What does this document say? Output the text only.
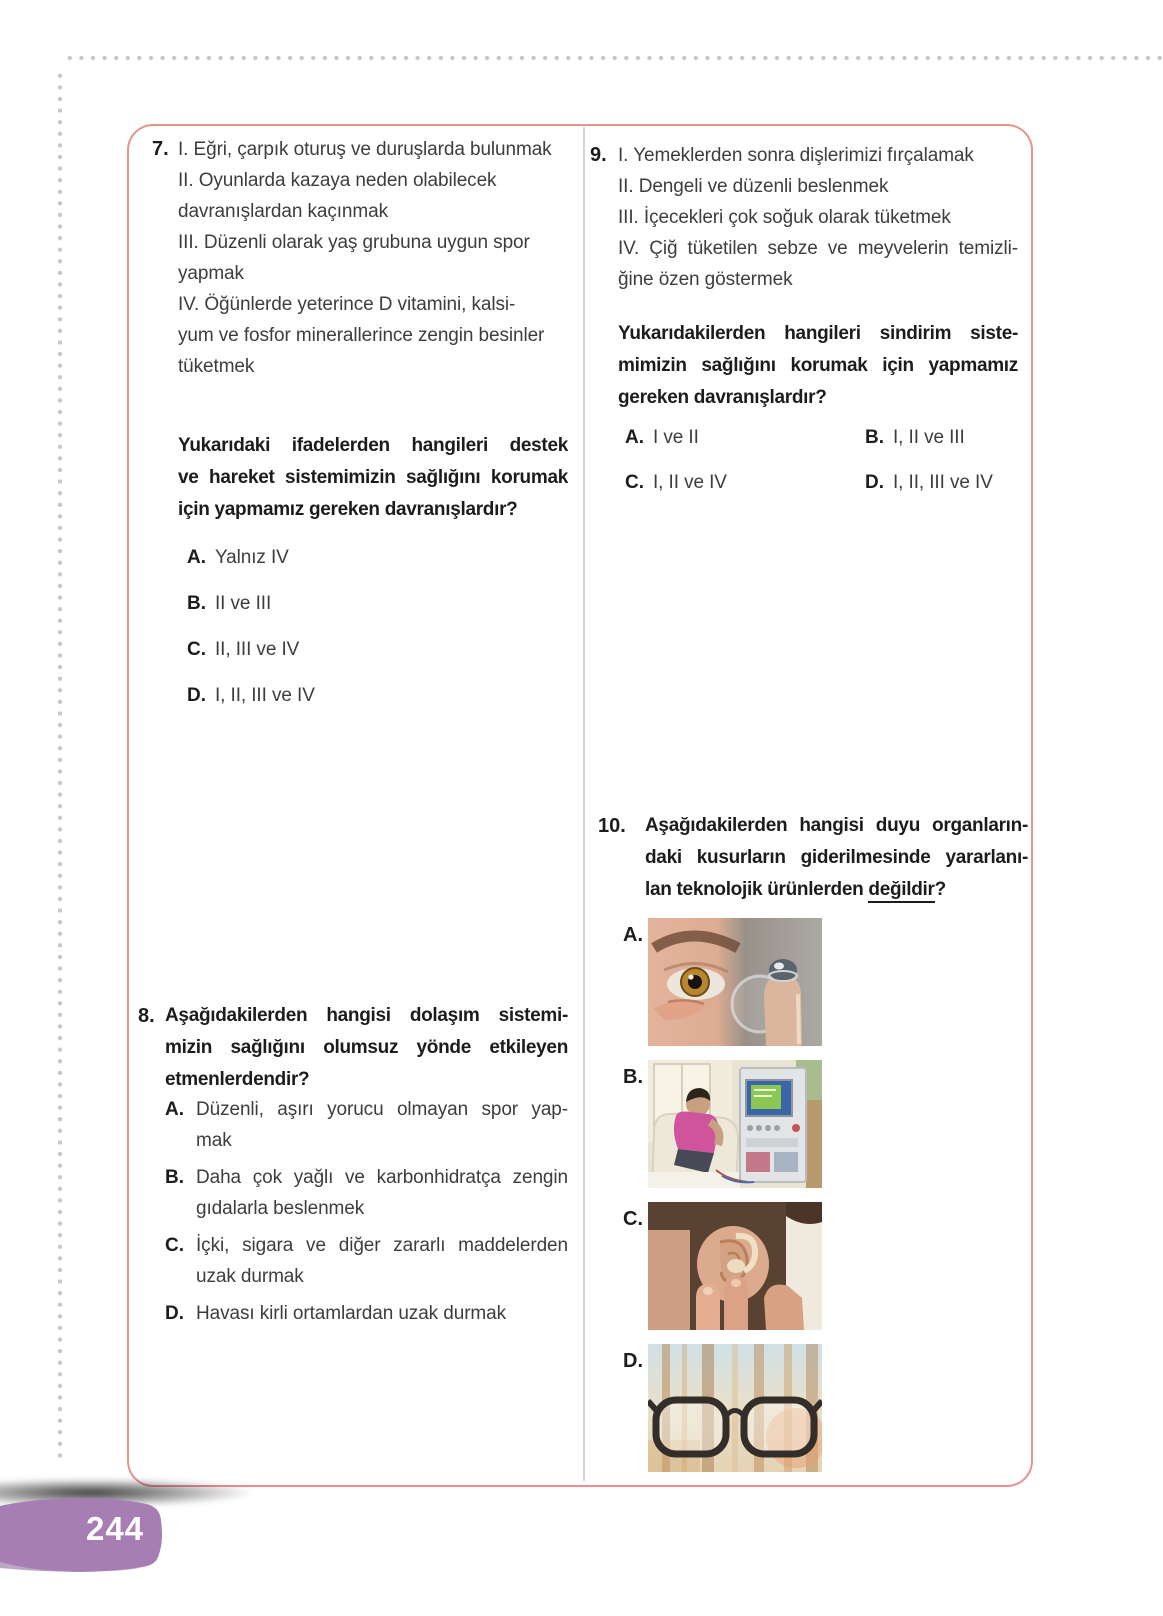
7. I. Eğri, çarpık oturuş ve duruşlarda bulunmak
II. Oyunlarda kazaya neden olabilecek
davranışlardan kaçınmak
III. Düzenli olarak yaş grubuna uygun spor
yapmak
IV. Öğünlerde yeterince D vitamini, kalsi-
yum ve fosfor minerallerince zengin besinler
tüketmek
Yukarıdaki ifadelerden hangileri destek
ve hareket sistemimizin sağlığını korumak
için yapmamız gereken davranışlardır?
A. Yalnız IV
B. II ve III
C. II, III ve IV
D. I, II, III ve IV
8. Aşağıdakilerden hangisi dolaşım sistemi-
mizin sağlığını olumsuz yönde etkileyen
etmenlerdendir?
A. Düzenli, aşırı yorucu olmayan spor yap-
mak
B. Daha çok yağlı ve karbonhidratça zengin
gıdalarla beslenmek
C. İçki, sigara ve diğer zararlı maddelerden
uzak durmak
D. Havası kirli ortamlardan uzak durmak
9. I. Yemeklerden sonra dişlerimizi fırçalamak
II. Dengeli ve düzenli beslenmek
III. İçecekleri çok soğuk olarak tüketmek
IV. Çiğ tüketilen sebze ve meyvelerin temizli-
ğine özen göstermek
Yukarıdakilerden hangileri sindirim siste-
mimizin sağlığını korumak için yapmamız
gereken davranışlardır?
A. I ve II	B. I, II ve III
C. I, II ve IV	D. I, II, III ve IV
10.	Aşağıdakilerden hangisi duyu organların-
daki kusurların giderilmesinde yararlanı-
lan teknolojik ürünlerden değildir?
A.
B.
C.
D.
244
